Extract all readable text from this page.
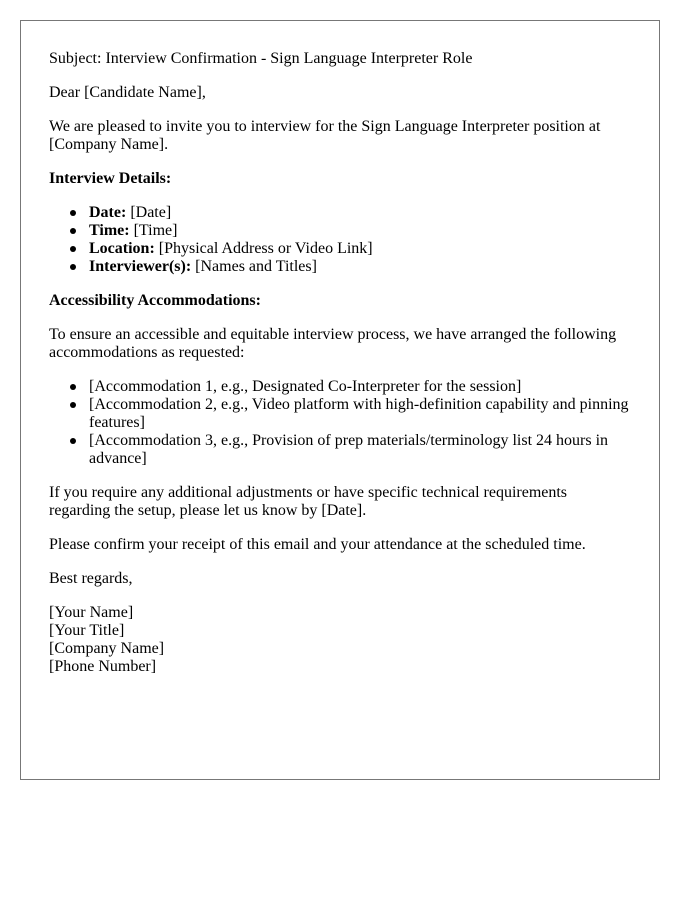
Subject: Interview Confirmation - Sign Language Interpreter Role

Dear [Candidate Name],

We are pleased to invite you to interview for the Sign Language Interpreter position at [Company Name].

Interview Details:

Date: [Date]
Time: [Time]
Location: [Physical Address or Video Link]
Interviewer(s): [Names and Titles]

Accessibility Accommodations:

To ensure an accessible and equitable interview process, we have arranged the following accommodations as requested:

[Accommodation 1, e.g., Designated Co-Interpreter for the session]
[Accommodation 2, e.g., Video platform with high-definition capability and pinning features]
[Accommodation 3, e.g., Provision of prep materials/terminology list 24 hours in advance]

If you require any additional adjustments or have specific technical requirements regarding the setup, please let us know by [Date].

Please confirm your receipt of this email and your attendance at the scheduled time.

Best regards,

[Your Name]
[Your Title]
[Company Name]
[Phone Number]
